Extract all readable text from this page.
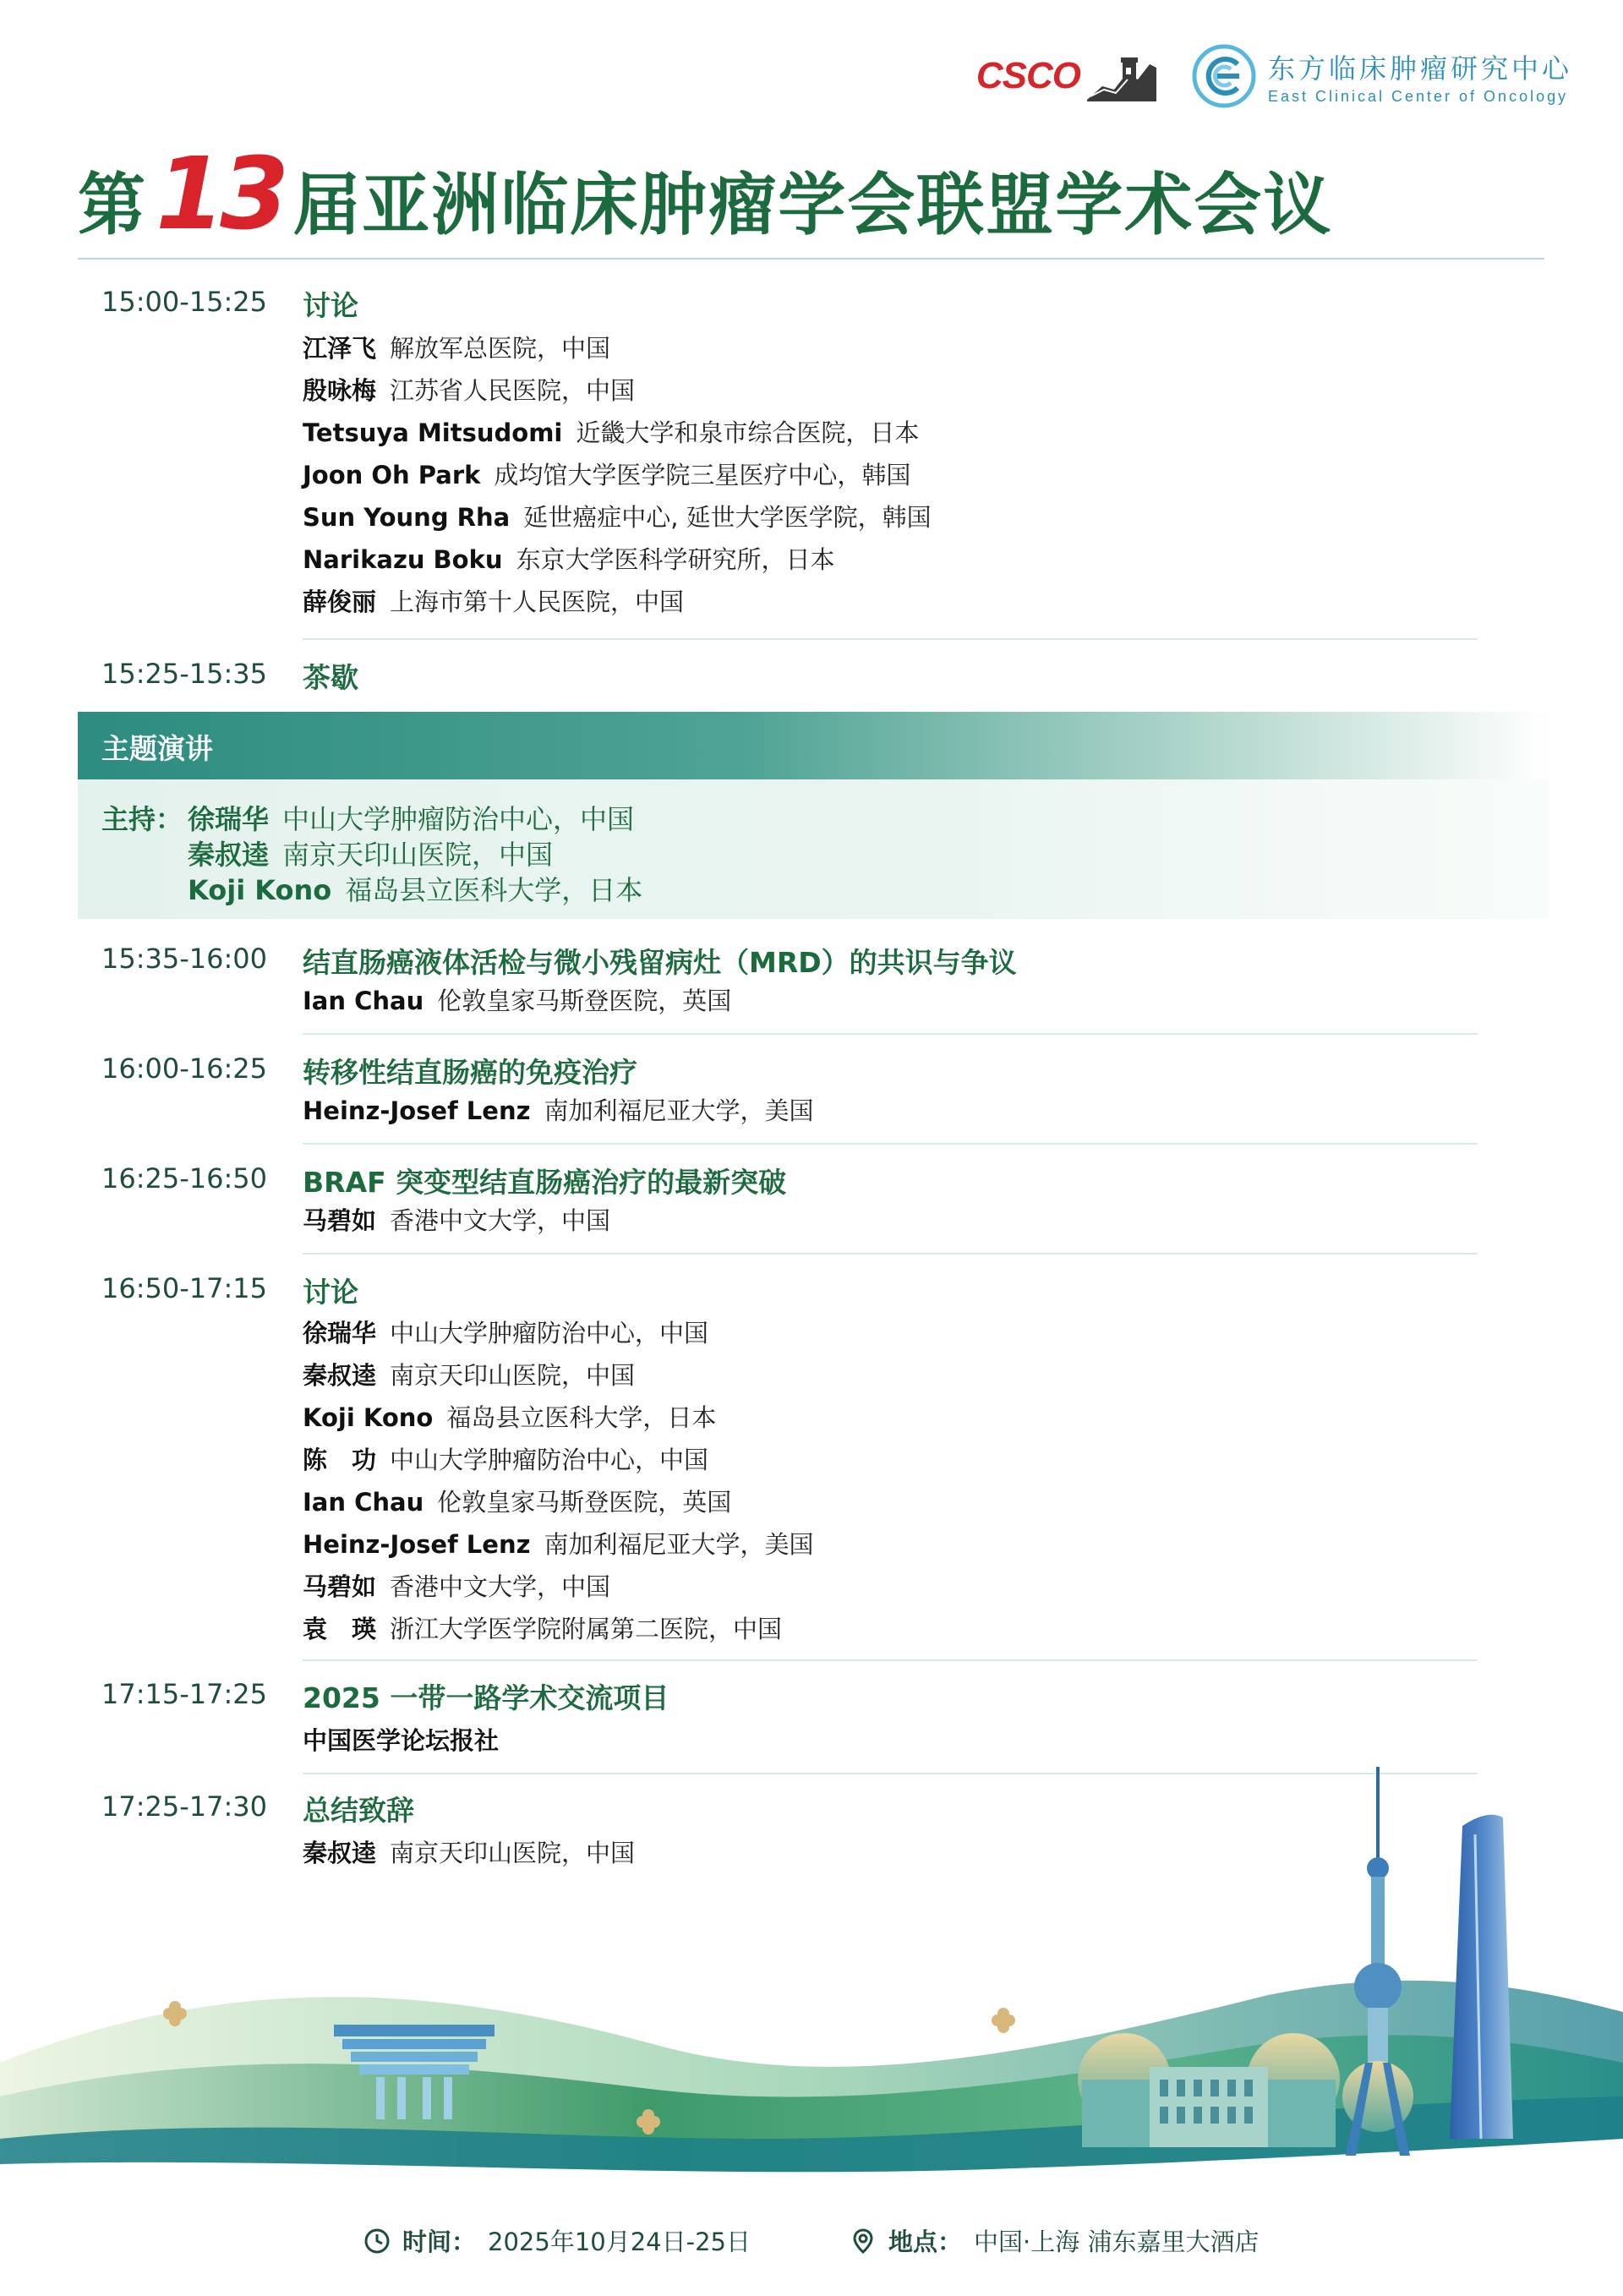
CSCO	东方临床肿瘤研究中心
East Clinical Center of Oncology
第 13 届亚洲临床肿瘤学会联盟学术会议
15:00-15:25 讨论
江泽飞 解放军总医院，中国
殷咏梅 江苏省人民医院，中国
Tetsuya Mitsudomi 近畿大学和泉市综合医院，日本
Joon Oh Park 成均馆大学医学院三星医疗中心，韩国
Sun Young Rha 延世癌症中心, 延世大学医学院，韩国
Narikazu Boku 东京大学医科学研究所，日本
薛俊丽 上海市第十人民医院，中国
15:25-15:35 茶歇
主题演讲
主持： 徐瑞华 中山大学肿瘤防治中心，中国
秦叔逵 南京天印山医院，中国
Koji Kono 福岛县立医科大学，日本
15:35-16:00 结直肠癌液体活检与微小残留病灶（MRD）的共识与争议
Ian Chau 伦敦皇家马斯登医院，英国
16:00-16:25 转移性结直肠癌的免疫治疗
Heinz-Josef Lenz 南加利福尼亚大学，美国
16:25-16:50 BRAF 突变型结直肠癌治疗的最新突破
马碧如 香港中文大学，中国
16:50-17:15 讨论
徐瑞华 中山大学肿瘤防治中心，中国
秦叔逵 南京天印山医院，中国
Koji Kono 福岛县立医科大学，日本
陈　功 中山大学肿瘤防治中心，中国
Ian Chau 伦敦皇家马斯登医院，英国
Heinz-Josef Lenz 南加利福尼亚大学，美国
马碧如 香港中文大学，中国
袁　瑛 浙江大学医学院附属第二医院，中国
17:15-17:25 2025 一带一路学术交流项目
中国医学论坛报社
17:25-17:30 总结致辞
秦叔逵 南京天印山医院，中国
时间： 2025年10月24日-25日	地点： 中国·上海 浦东嘉里大酒店
